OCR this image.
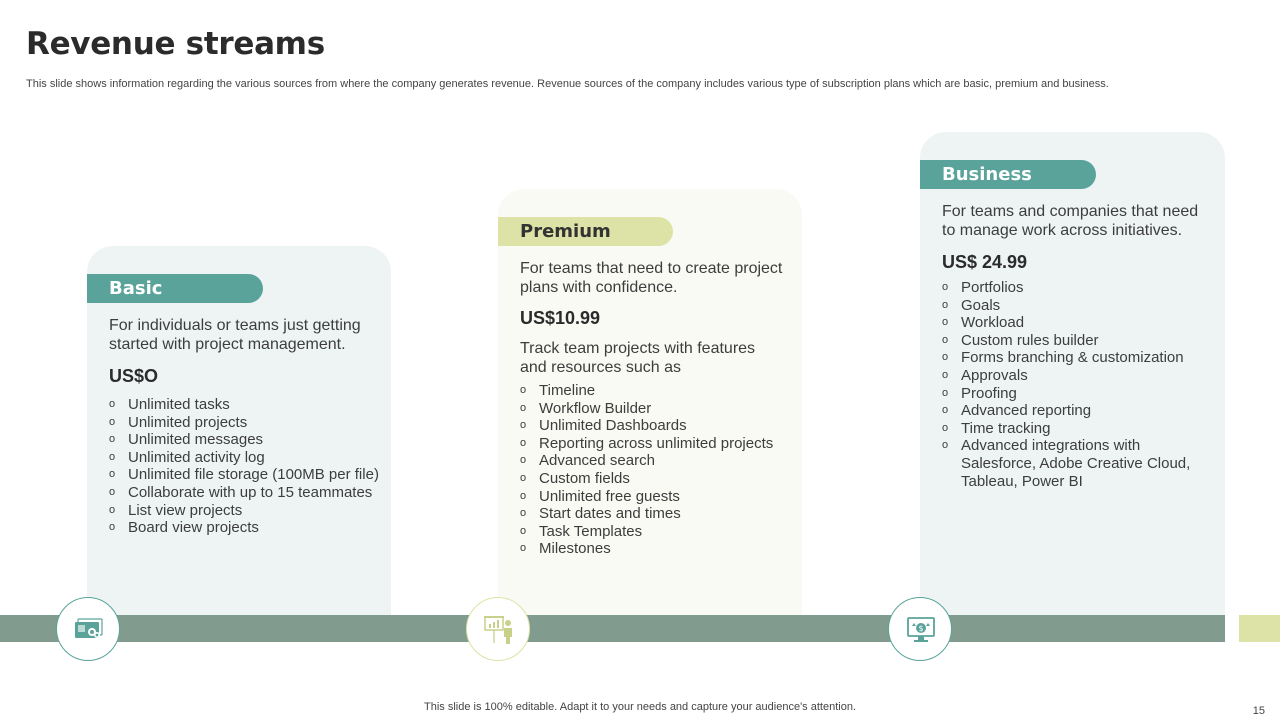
Revenue streams
This slide shows information regarding the various sources from where the company generates revenue. Revenue sources of the company includes various type of subscription plans which are basic, premium and business.
Basic
For individuals or teams just getting started with project management.
US$O
o Unlimited tasks
o Unlimited projects
o Unlimited messages
o Unlimited activity log
o Unlimited file storage (100MB per file)
o Collaborate with up to 15 teammates
o List view projects
o Board view projects
Premium
For teams that need to create project plans with confidence.
US$10.99
Track team projects with features and resources such as
o Timeline
o Workflow Builder
o Unlimited Dashboards
o Reporting across unlimited projects
o Advanced search
o Custom fields
o Unlimited free guests
o Start dates and times
o Task Templates
o Milestones
Business
For teams and companies that need to manage work across initiatives.
US$ 24.99
o Portfolios
o Goals
o Workload
o Custom rules builder
o Forms branching & customization
o Approvals
o Proofing
o Advanced reporting
o Time tracking
o Advanced integrations with Salesforce, Adobe Creative Cloud, Tableau, Power BI
$
This slide is 100% editable. Adapt it to your needs and capture your audience's attention.	15
